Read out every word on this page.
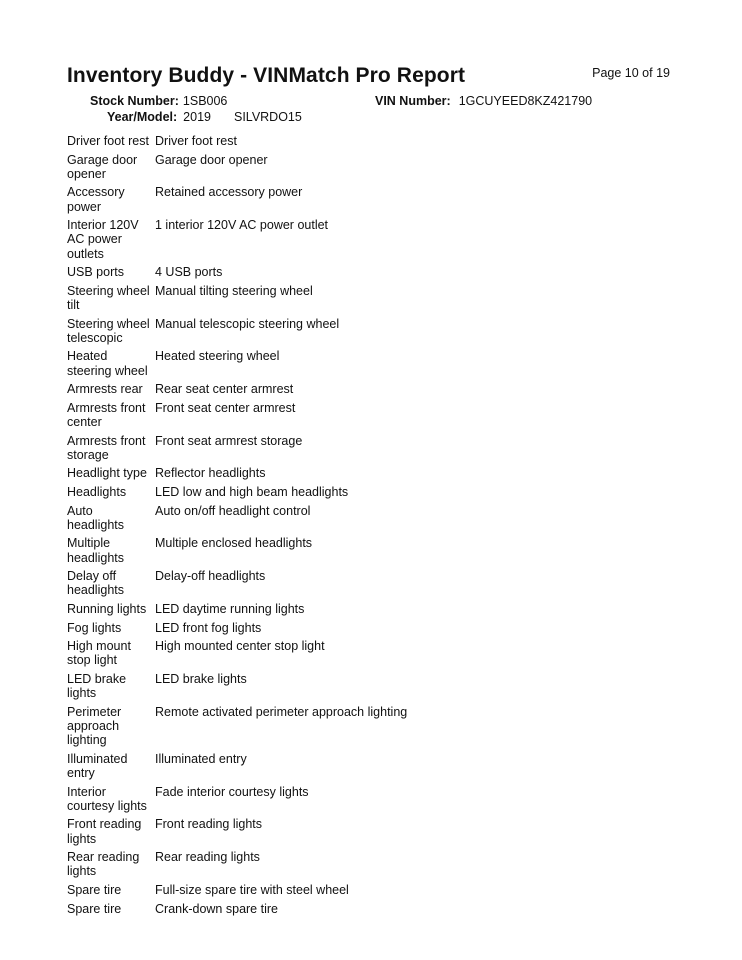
Inventory Buddy - VINMatch Pro Report	Page 10 of 19
Stock Number: 1SB006
Year/Model: 2019 SILVRDO15
VIN Number: 1GCUYEED8KZ421790
Driver foot rest	Driver foot rest
Garage door opener	Garage door opener
Accessory power	Retained accessory power
Interior 120V AC power outlets	1 interior 120V AC power outlet
USB ports	4 USB ports
Steering wheel tilt	Manual tilting steering wheel
Steering wheel telescopic	Manual telescopic steering wheel
Heated steering wheel	Heated steering wheel
Armrests rear	Rear seat center armrest
Armrests front center	Front seat center armrest
Armrests front storage	Front seat armrest storage
Headlight type	Reflector headlights
Headlights	LED low and high beam headlights
Auto headlights	Auto on/off headlight control
Multiple headlights	Multiple enclosed headlights
Delay off headlights	Delay-off headlights
Running lights	LED daytime running lights
Fog lights	LED front fog lights
High mount stop light	High mounted center stop light
LED brake lights	LED brake lights
Perimeter approach lighting	Remote activated perimeter approach lighting
Illuminated entry	Illuminated entry
Interior courtesy lights	Fade interior courtesy lights
Front reading lights	Front reading lights
Rear reading lights	Rear reading lights
Spare tire	Full-size spare tire with steel wheel
Spare tire	Crank-down spare tire
